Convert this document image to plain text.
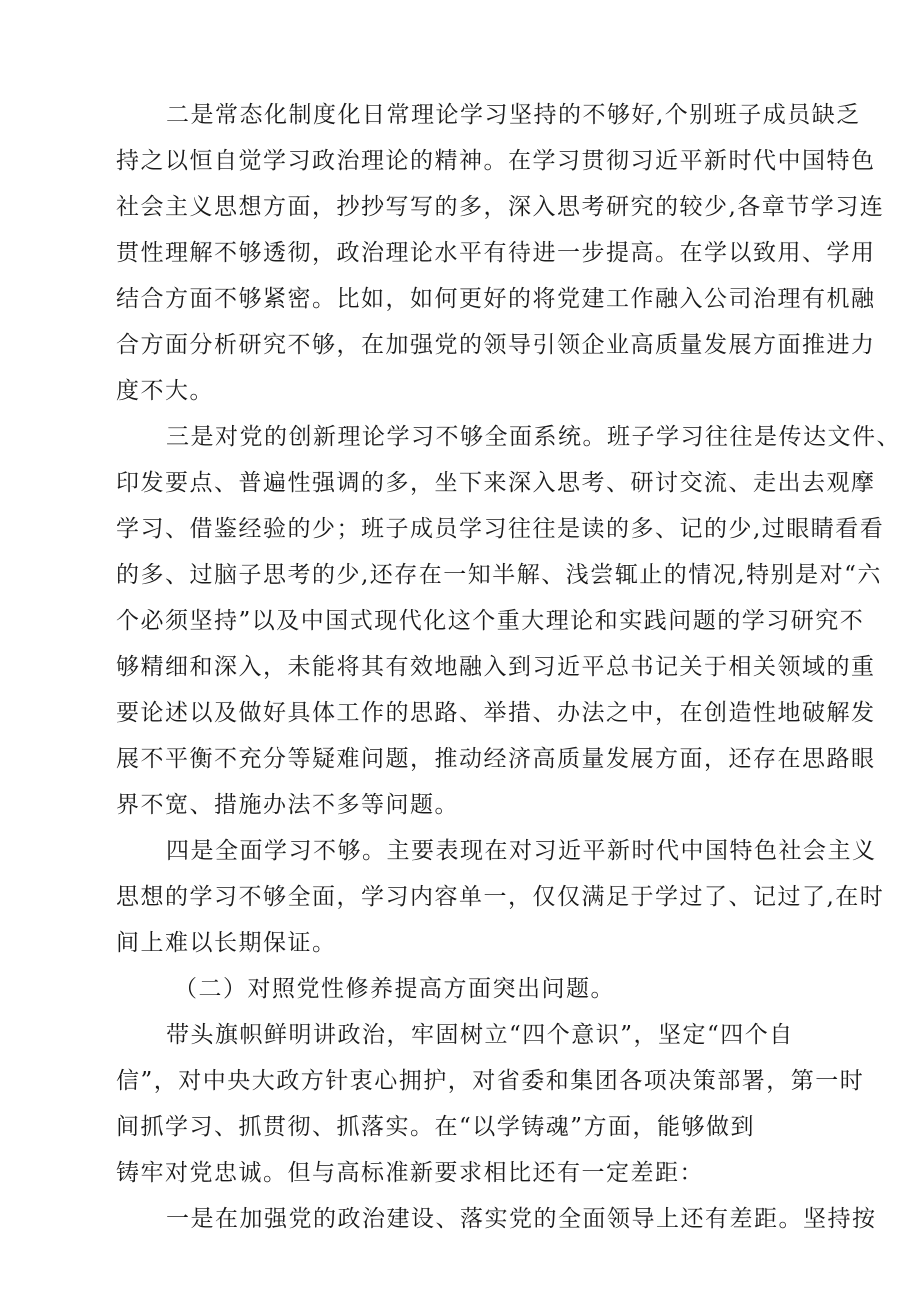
二是常态化制度化日常理论学习坚持的不够好,个别班子成员缺乏
持之以恒自觉学习政治理论的精神。在学习贯彻习近平新时代中国特色
社会主义思想方面，抄抄写写的多，深入思考研究的较少,各章节学习连
贯性理解不够透彻，政治理论水平有待进一步提高。在学以致用、学用
结合方面不够紧密。比如，如何更好的将党建工作融入公司治理有机融
合方面分析研究不够，在加强党的领导引领企业高质量发展方面推进力
度不大。
三是对党的创新理论学习不够全面系统。班子学习往往是传达文件、
印发要点、普遍性强调的多，坐下来深入思考、研讨交流、走出去观摩
学习、借鉴经验的少；班子成员学习往往是读的多、记的少,过眼睛看看
的多、过脑子思考的少,还存在一知半解、浅尝辄止的情况,特别是对“六
个必须坚持”以及中国式现代化这个重大理论和实践问题的学习研究不
够精细和深入，未能将其有效地融入到习近平总书记关于相关领域的重
要论述以及做好具体工作的思路、举措、办法之中，在创造性地破解发
展不平衡不充分等疑难问题，推动经济高质量发展方面，还存在思路眼
界不宽、措施办法不多等问题。
四是全面学习不够。主要表现在对习近平新时代中国特色社会主义
思想的学习不够全面，学习内容单一，仅仅满足于学过了、记过了,在时
间上难以长期保证。
（二）对照党性修养提高方面突出问题。
带头旗帜鲜明讲政治，牢固树立“四个意识”，坚定“四个自
信”，对中央大政方针衷心拥护，对省委和集团各项决策部署，第一时
间抓学习、抓贯彻、抓落实。在“以学铸魂”方面，能够做到
铸牢对党忠诚。但与高标准新要求相比还有一定差距：
一是在加强党的政治建设、落实党的全面领导上还有差距。坚持按
